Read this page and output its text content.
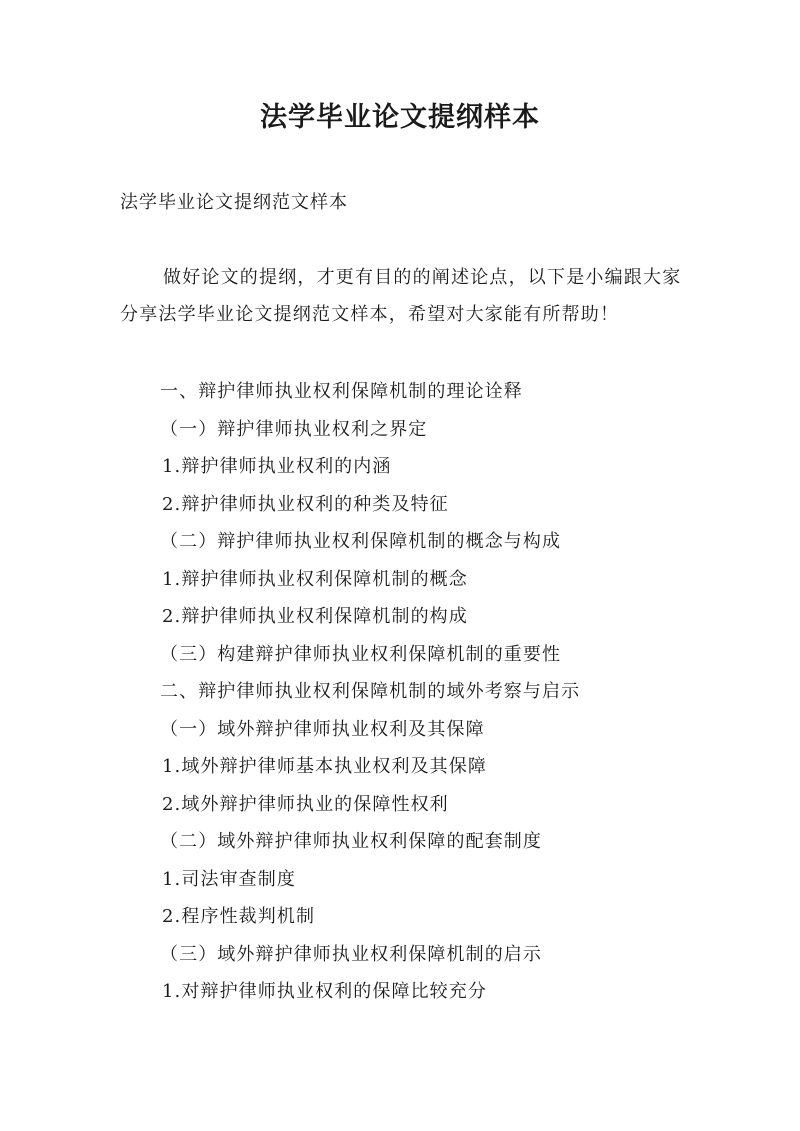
法学毕业论文提纲样本
法学毕业论文提纲范文样本

做好论文的提纲，才更有目的的阐述论点，以下是小编跟大家分享法学毕业论文提纲范文样本，希望对大家能有所帮助！

一、辩护律师执业权利保障机制的理论诠释
（一）辩护律师执业权利之界定
1.辩护律师执业权利的内涵
2.辩护律师执业权利的种类及特征
（二）辩护律师执业权利保障机制的概念与构成
1.辩护律师执业权利保障机制的概念
2.辩护律师执业权利保障机制的构成
（三）构建辩护律师执业权利保障机制的重要性
二、辩护律师执业权利保障机制的域外考察与启示
（一）域外辩护律师执业权利及其保障
1.域外辩护律师基本执业权利及其保障
2.域外辩护律师执业的保障性权利
（二）域外辩护律师执业权利保障的配套制度
1.司法审查制度
2.程序性裁判机制
（三）域外辩护律师执业权利保障机制的启示
1.对辩护律师执业权利的保障比较充分
